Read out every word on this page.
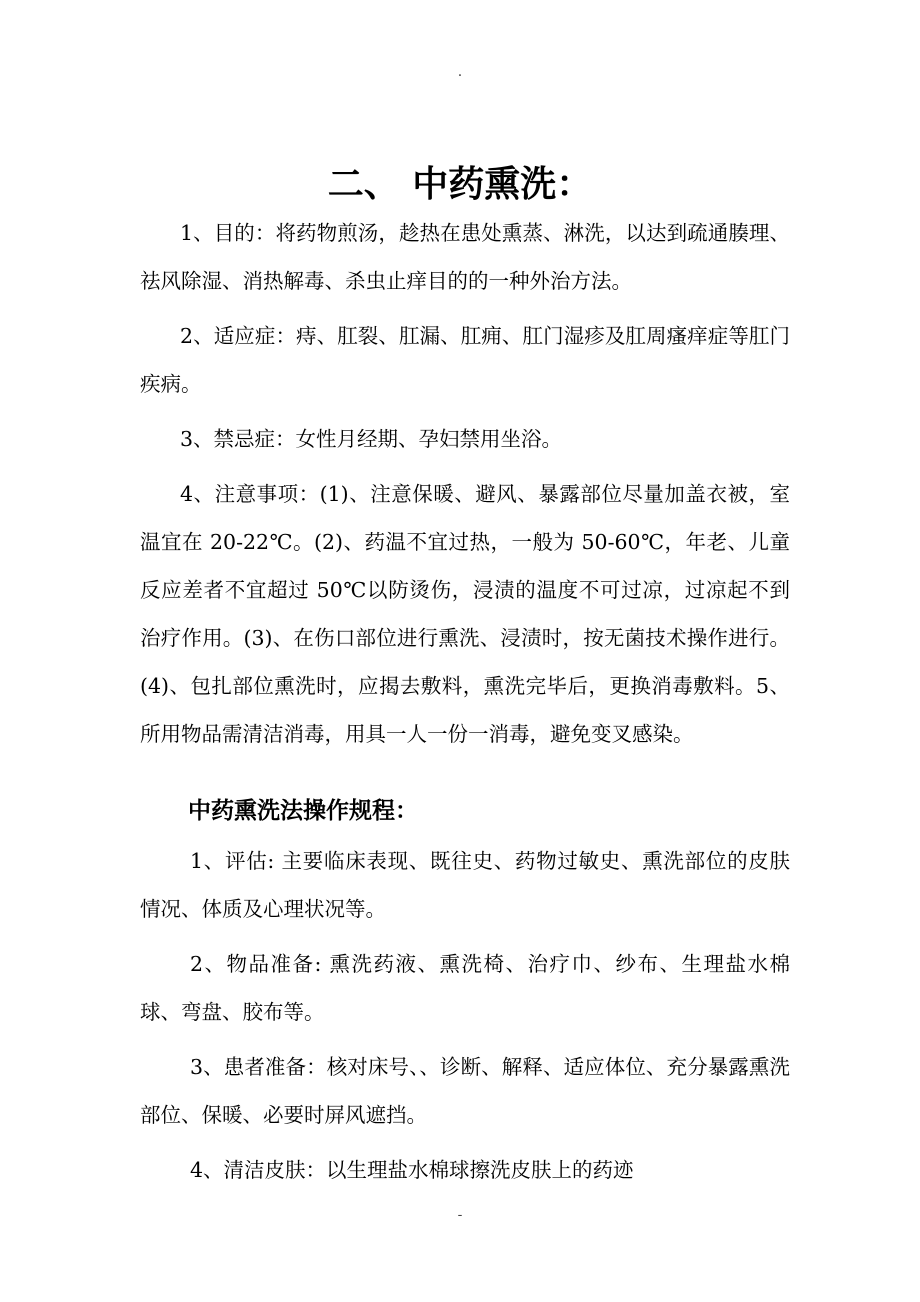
.
二、 中药熏洗：

1、目的：将药物煎汤，趁热在患处熏蒸、淋洗，以达到疏通腠理、祛风除湿、消热解毒、杀虫止痒目的的一种外治方法。

2、适应症：痔、肛裂、肛漏、肛痈、肛门湿疹及肛周瘙痒症等肛门疾病。

3、禁忌症：女性月经期、孕妇禁用坐浴。

4、注意事项：(1)、注意保暖、避风、暴露部位尽量加盖衣被，室温宜在 20-22℃。(2)、药温不宜过热，一般为 50-60℃，年老、儿童反应差者不宜超过 50℃以防烫伤，浸渍的温度不可过凉，过凉起不到治疗作用。(3)、在伤口部位进行熏洗、浸渍时，按无菌技术操作进行。(4)、包扎部位熏洗时，应揭去敷料，熏洗完毕后，更换消毒敷料。5、所用物品需清洁消毒，用具一人一份一消毒，避免变叉感染。

中药熏洗法操作规程：

1、评估: 主要临床表现、既往史、药物过敏史、熏洗部位的皮肤情况、体质及心理状况等。

2、物品准备: 熏洗药液、熏洗椅、治疗巾、纱布、生理盐水棉球、弯盘、胶布等。

3、患者准备：核对床号、、诊断、解释、适应体位、充分暴露熏洗部位、保暖、必要时屏风遮挡。

4、清洁皮肤：以生理盐水棉球擦洗皮肤上的药迹

-
